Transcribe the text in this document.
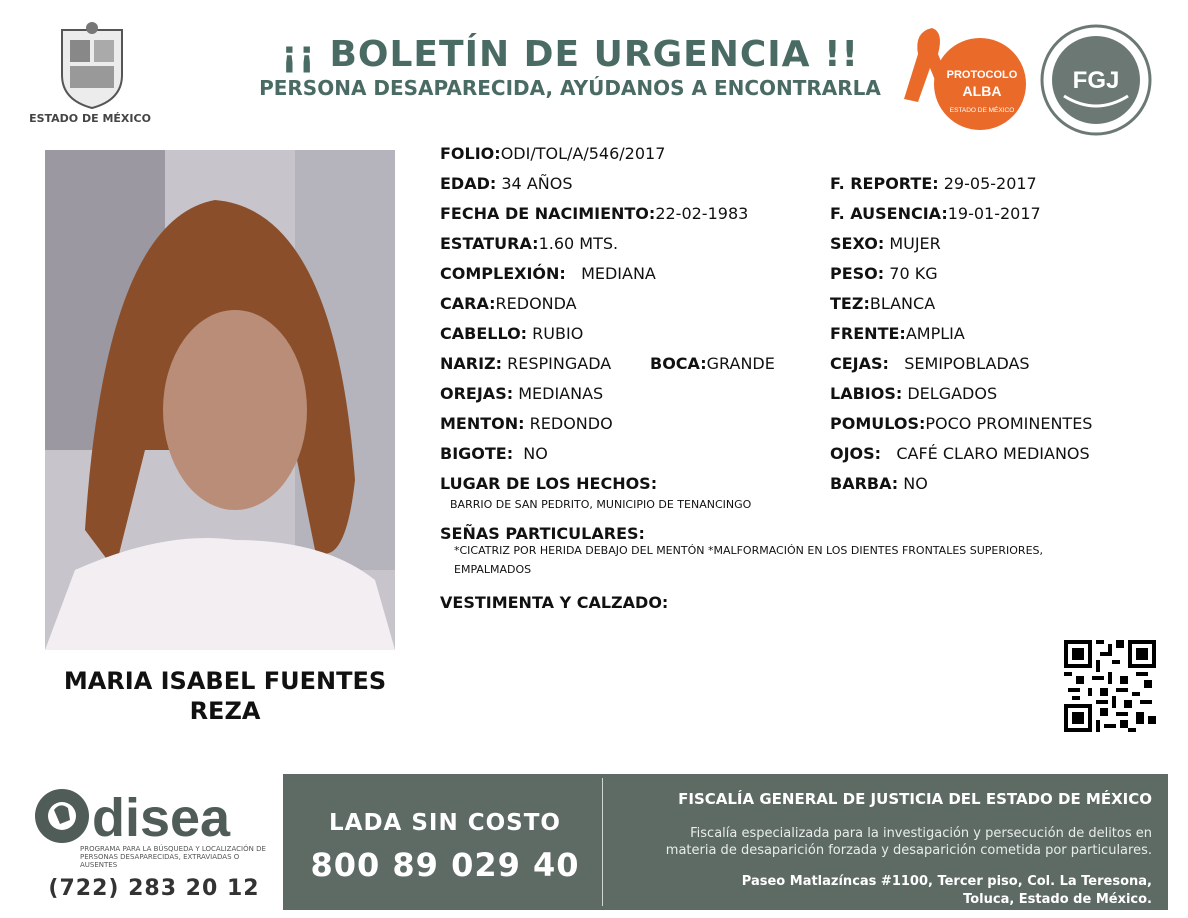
ESTADO DE MÉXICO
¡¡ BOLETÍN DE URGENCIA !!
PERSONA DESAPARECIDA, AYÚDANOS A ENCONTRARLA
PROTOCOLO
ALBA
ESTADO DE MÉXICO
FGJ
MARIA ISABEL FUENTES
REZA
FOLIO:ODI/TOL/A/546/2017
EDAD: 34 AÑOS
FECHA DE NACIMIENTO:22-02-1983
ESTATURA:1.60 MTS.
COMPLEXIÓN: MEDIANA
CARA:REDONDA
CABELLO: RUBIO
NARIZ: RESPINGADA BOCA:GRANDE
OREJAS: MEDIANAS
MENTON: REDONDO
BIGOTE: NO
LUGAR DE LOS HECHOS:
BARRIO DE SAN PEDRITO, MUNICIPIO DE TENANCINGO
SEÑAS PARTICULARES:
*CICATRIZ POR HERIDA DEBAJO DEL MENTÓN *MALFORMACIÓN EN LOS DIENTES FRONTALES SUPERIORES,
EMPALMADOS
VESTIMENTA Y CALZADO:
F. REPORTE: 29-05-2017
F. AUSENCIA:19-01-2017
SEXO: MUJER
PESO: 70 KG
TEZ:BLANCA
FRENTE:AMPLIA
CEJAS: SEMIPOBLADAS
LABIOS: DELGADOS
POMULOS:POCO PROMINENTES
OJOS: CAFÉ CLARO MEDIANOS
BARBA: NO
disea
PROGRAMA PARA LA BÚSQUEDA Y LOCALIZACIÓN DE PERSONAS DESAPARECIDAS, EXTRAVIADAS O AUSENTES
(722) 283 20 12
LADA SIN COSTO
800 89 029 40
FISCALÍA GENERAL DE JUSTICIA DEL ESTADO DE MÉXICO
Fiscalía especializada para la investigación y persecución de delitos en
materia de desaparición forzada y desaparición cometida por particulares.
Paseo Matlazíncas #1100, Tercer piso, Col. La Teresona,
Toluca, Estado de México.
